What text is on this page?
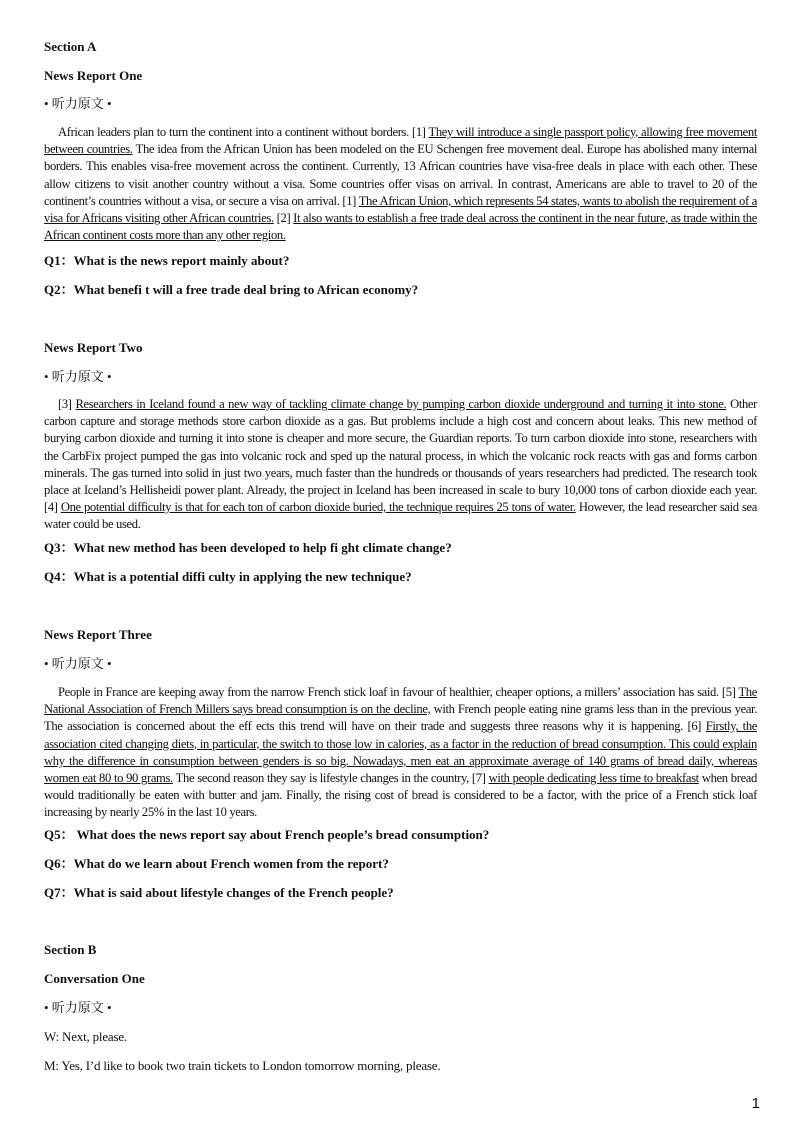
Section A

News Report One

• 听力原文 •

African leaders plan to turn the continent into a continent without borders. [1] They will introduce a single passport policy, allowing free movement between countries. The idea from the African Union has been modeled on the EU Schengen free movement deal. Europe has abolished many internal borders. This enables visa-free movement across the continent. Currently, 13 African countries have visa-free deals in place with each other. These allow citizens to visit another country without a visa. Some countries offer visas on arrival. In contrast, Americans are able to travel to 20 of the continent’s countries without a visa, or secure a visa on arrival. [1] The African Union, which represents 54 states, wants to abolish the requirement of a visa for Africans visiting other African countries. [2] It also wants to establish a free trade deal across the continent in the near future, as trade within the African continent costs more than any other region.

Q1：What is the news report mainly about?

Q2：What benefi t will a free trade deal bring to African economy?

News Report Two

• 听力原文 •

[3] Researchers in Iceland found a new way of tackling climate change by pumping carbon dioxide underground and turning it into stone. Other carbon capture and storage methods store carbon dioxide as a gas. But problems include a high cost and concern about leaks. This new method of burying carbon dioxide and turning it into stone is cheaper and more secure, the Guardian reports. To turn carbon dioxide into stone, researchers with the CarbFix project pumped the gas into volcanic rock and sped up the natural process, in which the volcanic rock reacts with gas and forms carbon minerals. The gas turned into solid in just two years, much faster than the hundreds or thousands of years researchers had predicted. The research took place at Iceland’s Hellisheidi power plant. Already, the project in Iceland has been increased in scale to bury 10,000 tons of carbon dioxide each year. [4] One potential difficulty is that for each ton of carbon dioxide buried, the technique requires 25 tons of water. However, the lead researcher said sea water could be used.

Q3：What new method has been developed to help fi ght climate change?

Q4：What is a potential diffi culty in applying the new technique?

News Report Three

• 听力原文 •

People in France are keeping away from the narrow French stick loaf in favour of healthier, cheaper options, a millers’ association has said. [5] The National Association of French Millers says bread consumption is on the decline, with French people eating nine grams less than in the previous year. The association is concerned about the eff ects this trend will have on their trade and suggests three reasons why it is happening. [6] Firstly, the association cited changing diets, in particular, the switch to those low in calories, as a factor in the reduction of bread consumption. This could explain why the difference in consumption between genders is so big. Nowadays, men eat an approximate average of 140 grams of bread daily, whereas women eat 80 to 90 grams. The second reason they say is lifestyle changes in the country, [7] with people dedicating less time to breakfast when bread would traditionally be eaten with butter and jam. Finally, the rising cost of bread is considered to be a factor, with the price of a French stick loaf increasing by nearly 25% in the last 10 years.

Q5： What does the news report say about French people’s bread consumption?

Q6：What do we learn about French women from the report?

Q7：What is said about lifestyle changes of the French people?

Section B

Conversation One

• 听力原文 •

W: Next, please.

M: Yes, I’d like to book two train tickets to London tomorrow morning, please.

1
